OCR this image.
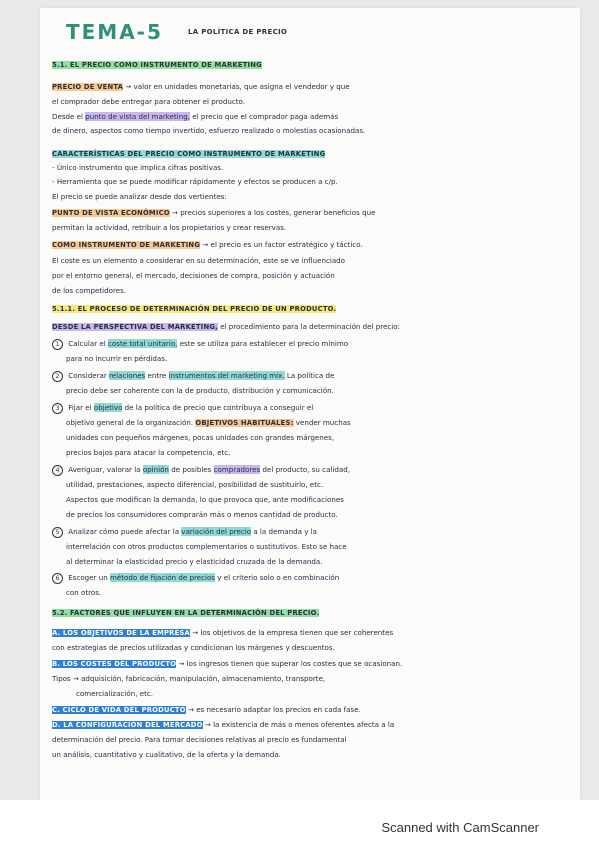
TEMA-5	LA POLÍTICA DE PRECIO
5.1. EL PRECIO COMO INSTRUMENTO DE MARKETING
PRECIO DE VENTA → valor en unidades monetarias, que asigna el vendedor y que
el comprador debe entregar para obtener el producto.
Desde el punto de vista del marketing, el precio que el comprador paga además
de dinero, aspectos como tiempo invertido, esfuerzo realizado o molestias ocasionadas.
CARACTERÍSTICAS DEL PRECIO COMO INSTRUMENTO DE MARKETING
- Único instrumento que implica cifras positivas.
- Herramienta que se puede modificar rápidamente y efectos se producen a c/p.
El precio se puede analizar desde dos vertientes:
PUNTO DE VISTA ECONÓMICO → precios superiores a los costes, generar beneficios que
permitan la actividad, retribuir a los propietarios y crear reservas.
COMO INSTRUMENTO DE MARKETING → el precio es un factor estratégico y táctico.
El coste es un elemento a considerar en su determinación, este se ve influenciado
por el entorno general, el mercado, decisiones de compra, posición y actuación
de los competidores.
5.1.1. EL PROCESO DE DETERMINACIÓN DEL PRECIO DE UN PRODUCTO.
DESDE LA PERSPECTIVA DEL MARKETING, el procedimiento para la determinación del precio:
1 Calcular el coste total unitario, este se utiliza para establecer el precio mínimo
para no incurrir en pérdidas.
2 Considerar relaciones entre instrumentos del marketing mix. La política de
precio debe ser coherente con la de producto, distribución y comunicación.
3 Fijar el objetivo de la política de precio que contribuya a conseguir el
objetivo general de la organización. OBJETIVOS HABITUALES: vender muchas
unidades con pequeños márgenes, pocas unidades con grandes márgenes,
precios bajos para atacar la competencia, etc.
4 Averiguar, valorar la opinión de posibles compradores del producto, su calidad,
utilidad, prestaciones, aspecto diferencial, posibilidad de sustituirlo, etc.
Aspectos que modifican la demanda, lo que provoca que, ante modificaciones
de precios los consumidores comprarán más o menos cantidad de producto.
5 Analizar cómo puede afectar la variación del precio a la demanda y la
interrelación con otros productos complementarios o sustitutivos. Esto se hace
al determinar la elasticidad precio y elasticidad cruzada de la demanda.
6 Escoger un método de fijación de precios y el criterio solo o en combinación
con otros.
5.2. FACTORES QUE INFLUYEN EN LA DETERMINACIÓN DEL PRECIO.
A. LOS OBJETIVOS DE LA EMPRESA → los objetivos de la empresa tienen que ser coherentes
con estrategias de precios utilizadas y condicionan los márgenes y descuentos.
B. LOS COSTES DEL PRODUCTO → los ingresos tienen que superar los costes que se ocasionan.
Tipos → adquisición, fabricación, manipulación, almacenamiento, transporte,
comercialización, etc.
C. CICLO DE VIDA DEL PRODUCTO → es necesario adaptar los precios en cada fase.
D. LA CONFIGURACIÓN DEL MERCADO → la existencia de más o menos oferentes afecta a la
determinación del precio. Para tomar decisiones relativas al precio es fundamental
un análisis, cuantitativo y cualitativo, de la oferta y la demanda.
Scanned with CamScanner
